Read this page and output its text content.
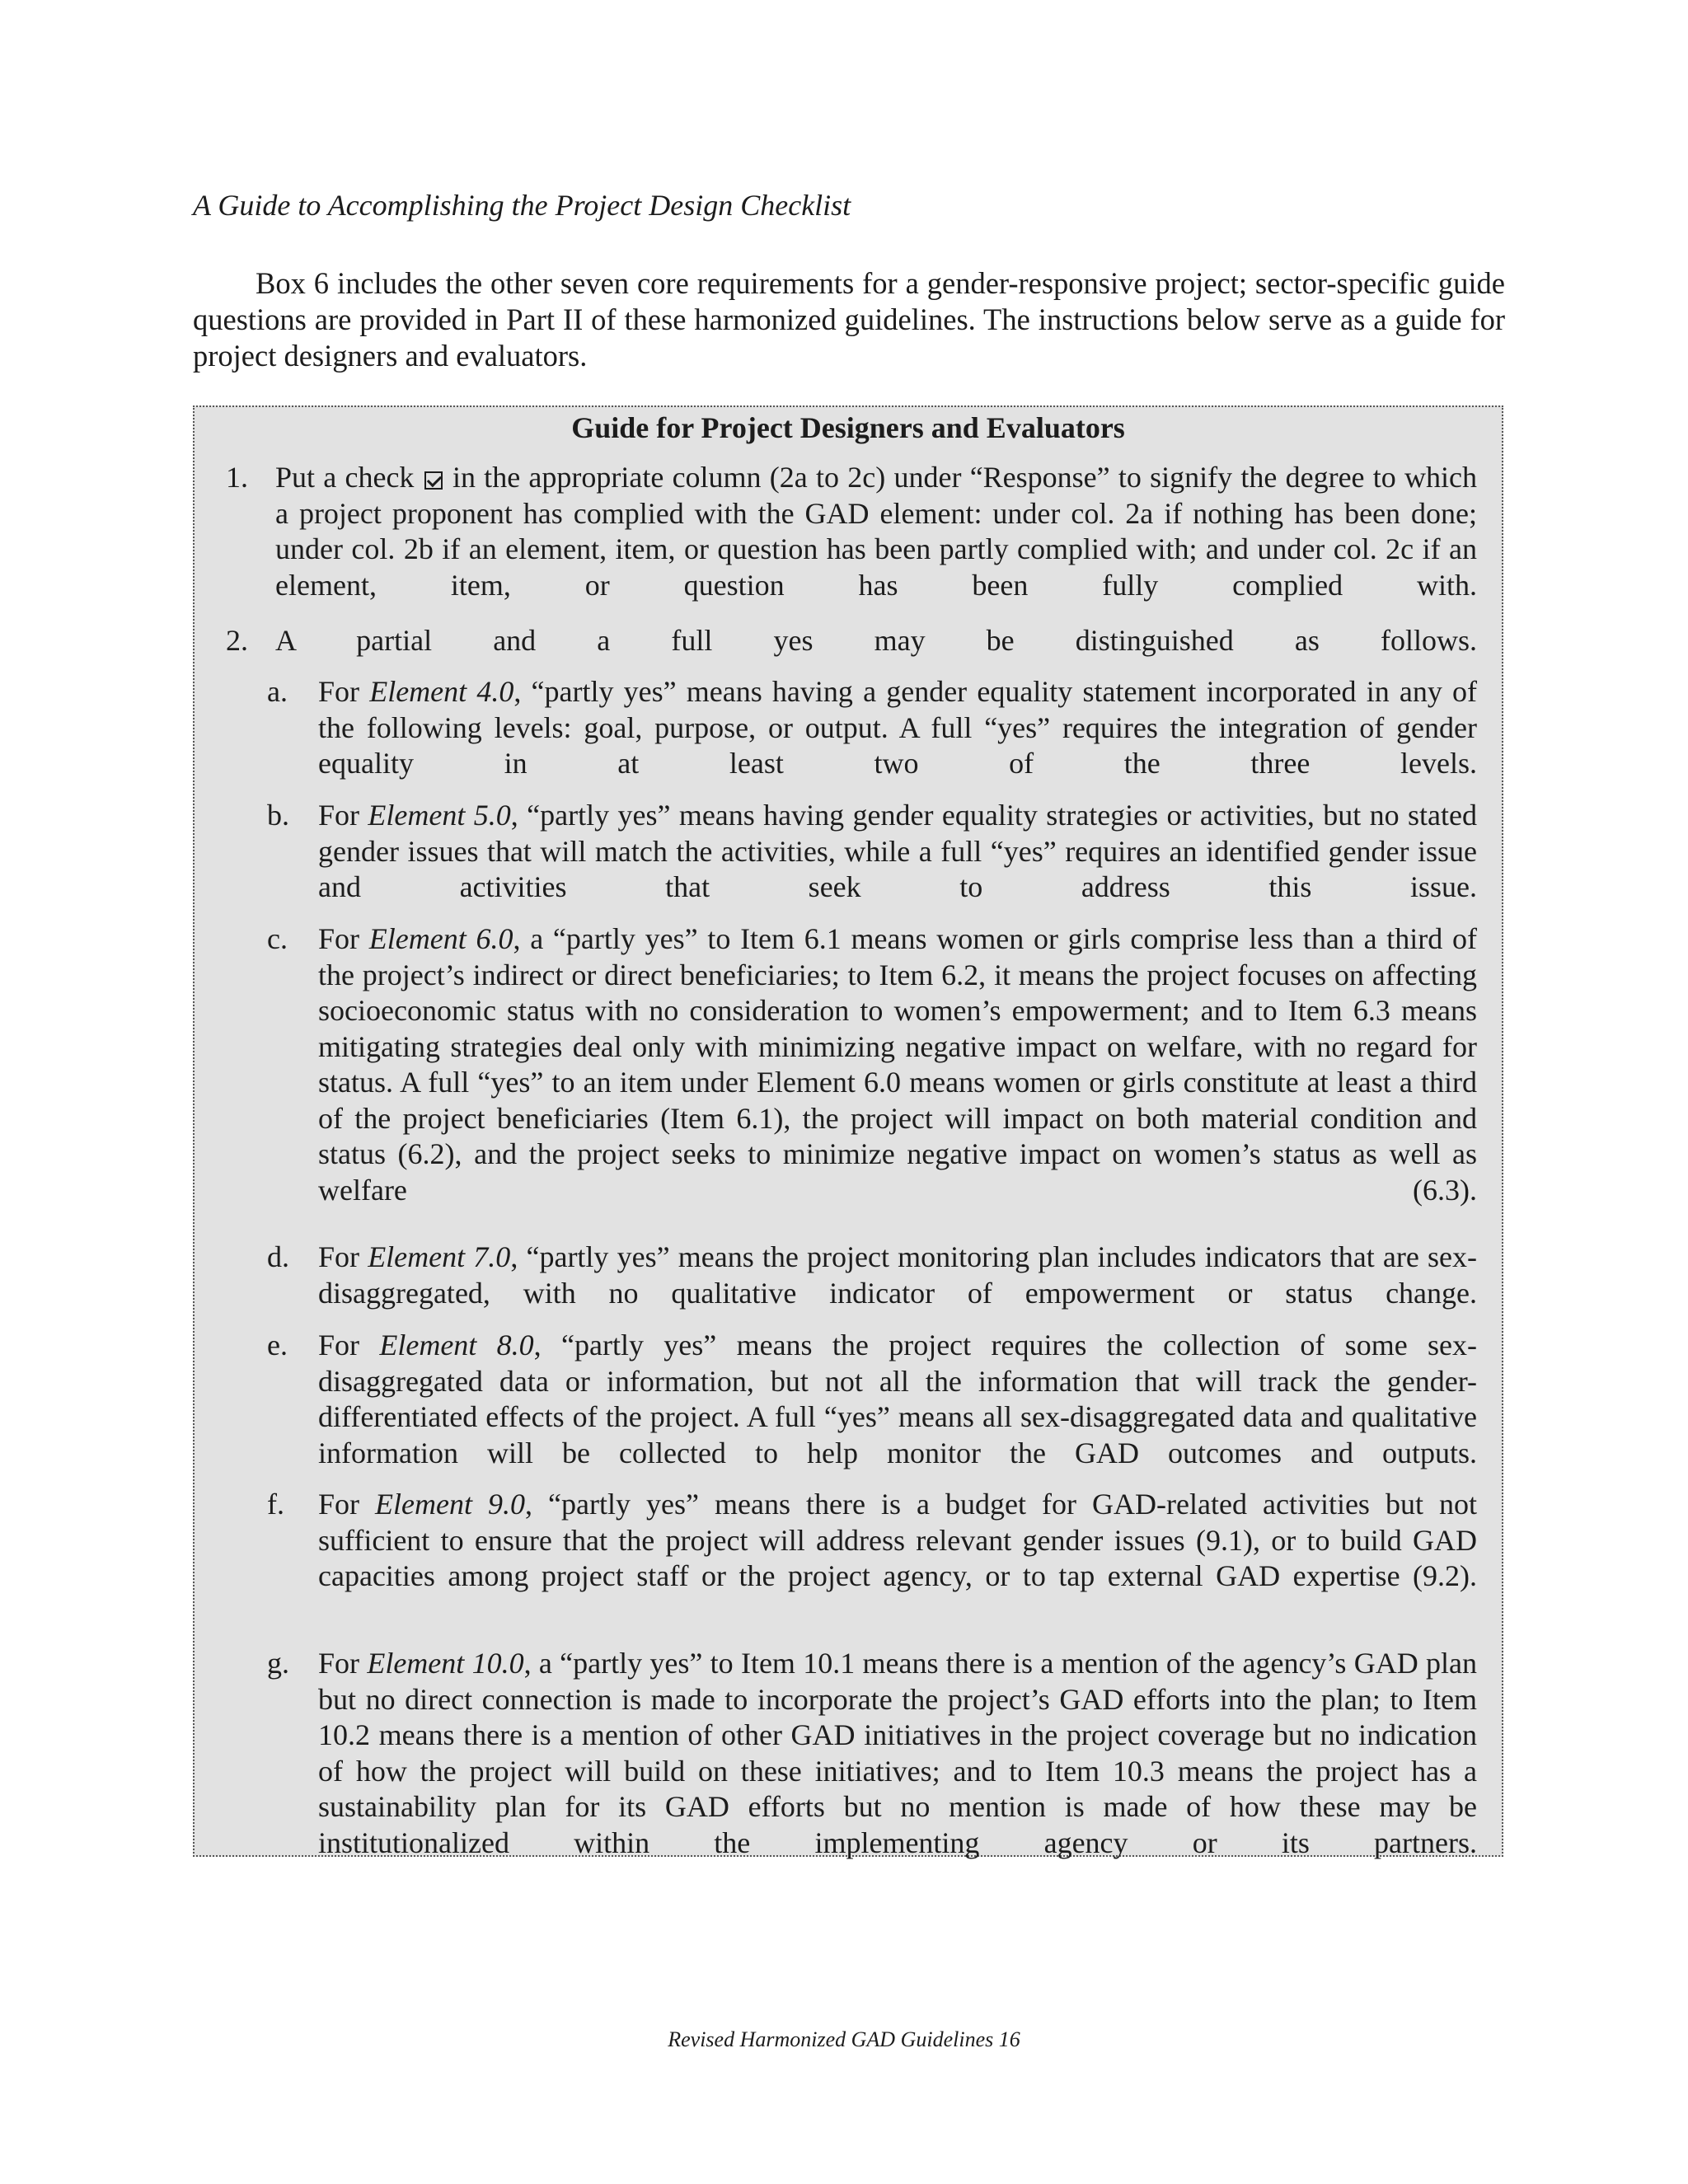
A Guide to Accomplishing the Project Design Checklist

Box 6 includes the other seven core requirements for a gender-responsive project; sector-specific guide questions are provided in Part II of these harmonized guidelines. The instructions below serve as a guide for project designers and evaluators.

Guide for Project Designers and Evaluators
1. Put a check in the appropriate column (2a to 2c) under “Response” to signify the degree to which a project proponent has complied with the GAD element: under col. 2a if nothing has been done; under col. 2b if an element, item, or question has been partly complied with; and under col. 2c if an element, item, or question has been fully complied with.
2. A partial and a full yes may be distinguished as follows.
a. For Element 4.0, “partly yes” means having a gender equality statement incorporated in any of the following levels: goal, purpose, or output. A full “yes” requires the integration of gender equality in at least two of the three levels.
b. For Element 5.0, “partly yes” means having gender equality strategies or activities, but no stated gender issues that will match the activities, while a full “yes” requires an identified gender issue and activities that seek to address this issue.
c. For Element 6.0, a “partly yes” to Item 6.1 means women or girls comprise less than a third of the project’s indirect or direct beneficiaries; to Item 6.2, it means the project focuses on affecting socioeconomic status with no consideration to women’s empowerment; and to Item 6.3 means mitigating strategies deal only with minimizing negative impact on welfare, with no regard for status. A full “yes” to an item under Element 6.0 means women or girls constitute at least a third of the project beneficiaries (Item 6.1), the project will impact on both material condition and status (6.2), and the project seeks to minimize negative impact on women’s status as well as welfare (6.3).
d. For Element 7.0, “partly yes” means the project monitoring plan includes indicators that are sex-disaggregated, with no qualitative indicator of empowerment or status change.
e. For Element 8.0, “partly yes” means the project requires the collection of some sex-disaggregated data or information, but not all the information that will track the gender-differentiated effects of the project. A full “yes” means all sex-disaggregated data and qualitative information will be collected to help monitor the GAD outcomes and outputs.
f. For Element 9.0, “partly yes” means there is a budget for GAD-related activities but not sufficient to ensure that the project will address relevant gender issues (9.1), or to build GAD capacities among project staff or the project agency, or to tap external GAD expertise (9.2).
g. For Element 10.0, a “partly yes” to Item 10.1 means there is a mention of the agency’s GAD plan but no direct connection is made to incorporate the project’s GAD efforts into the plan; to Item 10.2 means there is a mention of other GAD initiatives in the project coverage but no indication of how the project will build on these initiatives; and to Item 10.3 means the project has a sustainability plan for its GAD efforts but no mention is made of how these may be institutionalized within the implementing agency or its partners.

Revised Harmonized GAD Guidelines 16
